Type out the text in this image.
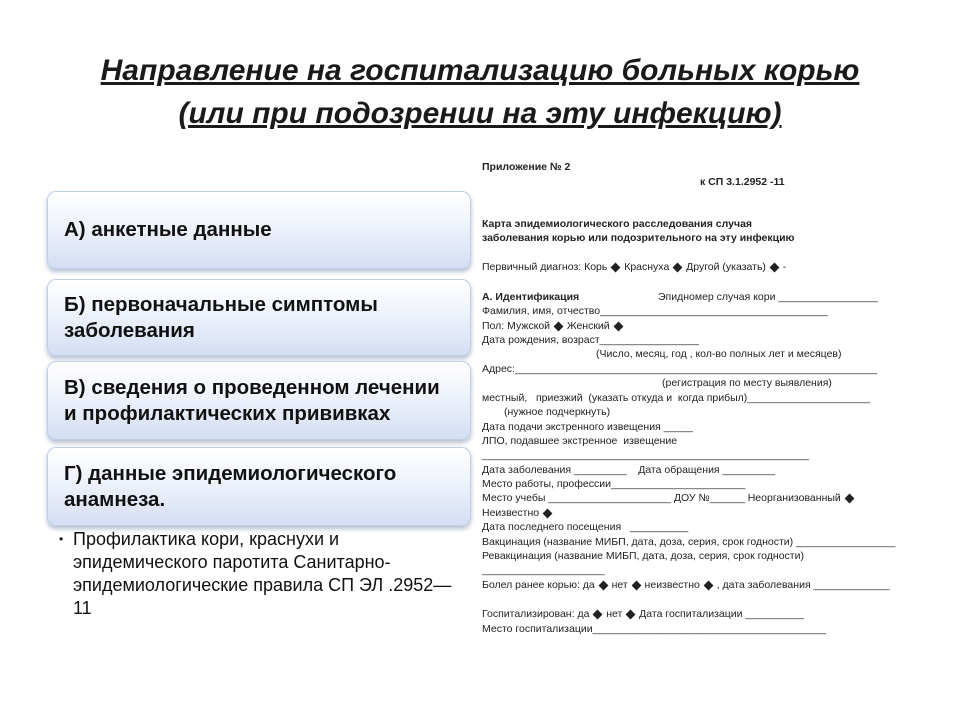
Направление на госпитализацию больных корью
(или при подозрении на эту инфекцию)
А) анкетные данные
Б) первоначальные симптомы заболевания
В) сведения о проведенном лечении и профилактических прививках
Г) данные эпидемиологического анамнеза.
• Профилактика кори, краснухи и эпидемического паротита Санитарно-эпидемиологические правила СП ЭЛ .2952—11
Приложение № 2
к СП 3.1.2952 -11
Карта эпидемиологического расследования случая
заболевания корью или подозрительного на эту инфекцию
Первичный диагноз: Корь  Краснуха  Другой (указать)  -
А. Идентификация	Эпиднoмер случая кори _________________
Фамилия, имя, отчество_______________________________________
Пол: Мужской  Женский
Дата рождения, возраст_________________
(Число, месяц, год , кол-во полных лет и месяцев)
Адрес:______________________________________________________________
(регистрация по месту выявления)
местный,   приезжий  (указать откуда и  когда прибыл)_____________________
(нужное подчеркнуть)
Дата подачи экстренного извещения _____
ЛПО, подавшее экстренное  извещение
________________________________________________________
Дата заболевания _________    Дата обращения _________
Место работы, профессии_______________________
Место учебы _____________________ ДОУ №______ Неорганизованный
Неизвестно
Дата последнего посещения   __________
Вакцинация (название МИБП, дата, доза, серия, срок годности) _________________
Ревакцинация (название МИБП, дата, доза, серия, срок годности)
_____________________
Болел ранее корью: да  нет  неизвестно  , дата заболевания _____________
Госпитализирован: да  нет  Дата госпитализации __________
Место госпитализации________________________________________
